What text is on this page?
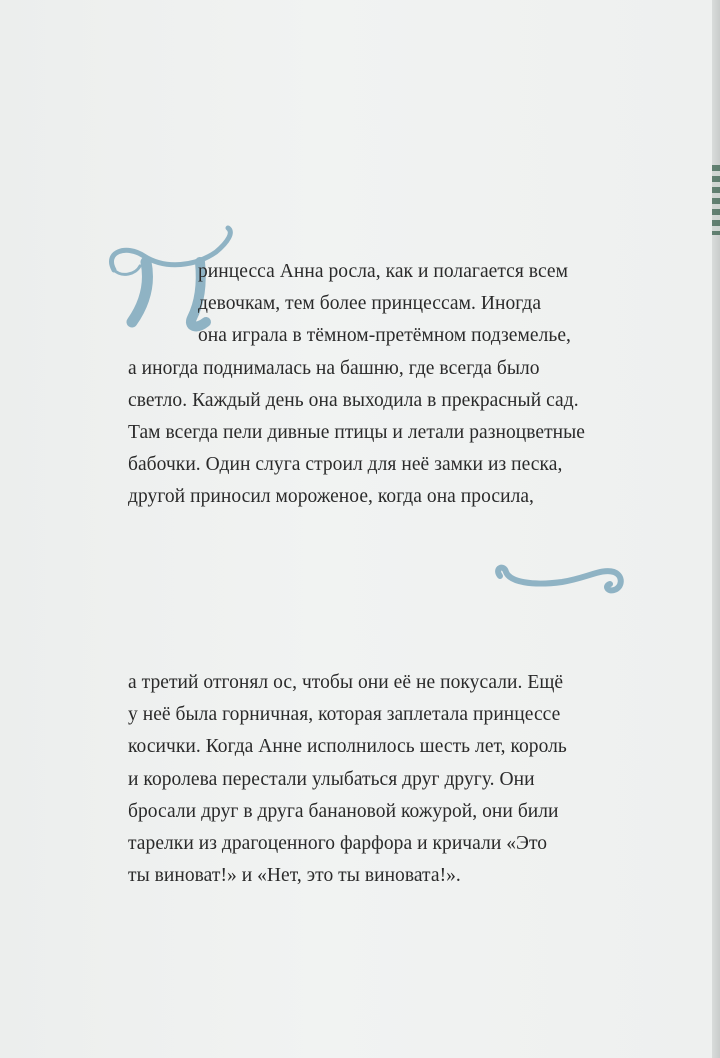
ринцесса Анна росла, как и полагается всем
девочкам, тем более принцессам. Иногда
она играла в тёмном-претёмном подземелье,
а иногда поднималась на башню, где всегда было
светло. Каждый день она выходила в прекрасный сад.
Там всегда пели дивные птицы и летали разноцветные
бабочки. Один слуга строил для неё замки из песка,
другой приносил мороженое, когда она просила,

а третий отгонял ос, чтобы они её не покусали. Ещё
у неё была горничная, которая заплетала принцессе
косички. Когда Анне исполнилось шесть лет, король
и королева перестали улыбаться друг другу. Они
бросали друг в друга банановой кожурой, они били
тарелки из драгоценного фарфора и кричали «Это
ты виноват!» и «Нет, это ты виновата!».
